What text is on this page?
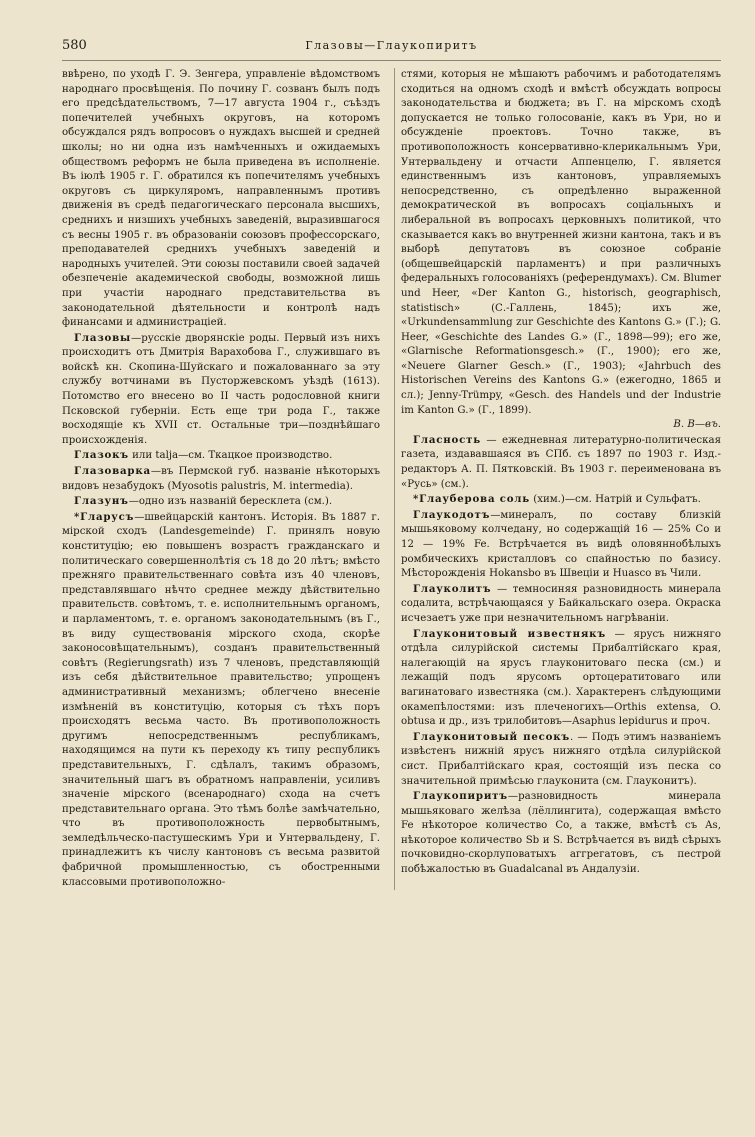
580	Глазовы—Глаукопиритъ

ввѣрено, по уходѣ Г. Э. Зенгера, управленіе вѣдомствомъ народнаго просвѣщенія. По почину Г. созванъ былъ подъ его предсѣдательствомъ, 7—17 августа 1904 г., съѣздъ попечителей учебныхъ округовъ, на которомъ обсуждался рядъ вопросовъ о нуждахъ высшей и средней школы; но ни одна изъ намѣченныхъ и ожидаемыхъ обществомъ реформъ не была приведена въ исполненіе. Въ іюлѣ 1905 г. Г. обратился къ попечителямъ учебныхъ округовъ съ циркуляромъ, направленнымъ противъ движенія въ средѣ педагогическаго персонала высшихъ, среднихъ и низшихъ учебныхъ заведеній, выразившагося съ весны 1905 г. въ образованіи союзовъ профессорскаго, преподавателей среднихъ учебныхъ заведеній и народныхъ учителей. Эти союзы поставили своей задачей обезпеченіе академической свободы, возможной лишь при участіи народнаго представительства въ законодательной дѣятельности и контролѣ надъ финансами и администраціей.

Глазовы—русскіе дворянскіе роды. Первый изъ нихъ происходитъ отъ Дмитрія Варахобова Г., служившаго въ войскѣ кн. Скопина-Шуйскаго и пожалованнаго за эту службу вотчинами въ Пусторжевскомъ уѣздѣ (1613). Потомство его внесено во II часть родословной книги Псковской губерніи. Есть еще три рода Г., также восходящіе къ XVII ст. Остальные три—позднѣйшаго происхожденія.

Глазокъ или talja—см. Ткацкое производство.

Глазоварка—въ Пермской губ. названіе нѣкоторыхъ видовъ незабудокъ (Myosotis palustris, M. intermedia).

Глазунъ—одно изъ названій бересклета (см.).

*Гларусъ—швейцарскій кантонъ. Исторія. Въ 1887 г. мірской сходъ (Landesgemeinde) Г. принялъ новую конституцію; ею повышенъ возрастъ гражданскаго и политическаго совершеннолѣтія съ 18 до 20 лѣтъ; вмѣсто прежняго правительственнаго совѣта изъ 40 членовъ, представлявшаго нѣчто среднее между дѣйствительно правительств. совѣтомъ, т. е. исполнительнымъ органомъ, и парламентомъ, т. е. органомъ законодательнымъ (въ Г., въ виду существованія мірского схода, скорѣе законосовѣщательнымъ), созданъ правительственный совѣтъ (Regierungsrath) изъ 7 членовъ, представляющій изъ себя дѣйствительное правительство; упрощенъ административный механизмъ; облегчено внесеніе измѣненій въ конституцію, которыя съ тѣхъ поръ происходятъ весьма часто. Въ противоположность другимъ непосредственнымъ республикамъ, находящимся на пути къ переходу къ типу республикъ представительныхъ, Г. сдѣлалъ, такимъ образомъ, значительный шагъ въ обратномъ направленіи, усиливъ значеніе мірского (всенароднаго) схода на счетъ представительнаго органа. Это тѣмъ болѣе замѣчательно, что въ противоположность первобытнымъ, земледѣльческо-пастушескимъ Ури и Унтервальдену, Г. принадлежитъ къ числу кантоновъ съ весьма развитой фабричной промышленностью, съ обостренными классовыми противоположно-

стями, которыя не мѣшаютъ рабочимъ и работодателямъ сходиться на одномъ сходѣ и вмѣстѣ обсуждать вопросы законодательства и бюджета; въ Г. на мірскомъ сходѣ допускается не только голосованіе, какъ въ Ури, но и обсужденіе проектовъ. Точно также, въ противоположность консервативно-клерикальнымъ Ури, Унтервальдену и отчасти Аппенцелю, Г. является единственнымъ изъ кантоновъ, управляемыхъ непосредственно, съ опредѣленно выраженной демократической въ вопросахъ соціальныхъ и либеральной въ вопросахъ церковныхъ политикой, что сказывается какъ во внутренней жизни кантона, такъ и въ выборѣ депутатовъ въ союзное собраніе (общешвейцарскій парламентъ) и при различныхъ федеральныхъ голосованіяхъ (референдумахъ). См. Blumer und Heer, «Der Kanton G., historisch, geographisch, statistisch» (С.-Галлень, 1845); ихъ же, «Urkundensammlung zur Geschichte des Kantons G.» (Г.); G. Heer, «Geschichte des Landes G.» (Г., 1898—99); его же, «Glarnische Reformationsgesch.» (Г., 1900); его же, «Neuere Glarner Gesch.» (Г., 1903); «Jahrbuch des Historischen Vereins des Kantons G.» (ежегодно, 1865 и сл.); Jenny-Trümpy, «Gesch. des Handels und der Industrie im Kanton G.» (Г., 1899).
В. В—въ.

Гласность — ежедневная литературно-политическая газета, издававшаяся въ СПб. съ 1897 по 1903 г. Изд.-редакторъ А. П. Пятковскій. Въ 1903 г. переименована въ «Русь» (см.).

*Глауберова соль (хим.)—см. Натрій и Сульфатъ.

Глаукодотъ—минералъ, по составу близкій мышьяковому колчедану, но содержащій 16 — 25% Co и 12 — 19% Fe. Встрѣчается въ видѣ оловяннобѣлыхъ ромбическихъ кристалловъ со спайностью по базису. Мѣсторожденія Hokansbo въ Швеціи и Huasco въ Чили.

Глауколитъ — темносиняя разновидность минерала содалита, встрѣчающаяся у Байкальскаго озера. Окраска исчезаетъ уже при незначительномъ нагрѣваніи.

Глауконитовый известнякъ — ярусъ нижняго отдѣла силурійской системы Прибалтійскаго края, налегающій на ярусъ глауконитоваго песка (см.) и лежащій подъ ярусомъ ортоцератитоваго или вагинатоваго известняка (см.). Характеренъ слѣдующими окамепѣлостями: изъ плеченогихъ—Orthis extensa, O. obtusa и др., изъ трилобитовъ—Asaphus lepidurus и проч.

Глауконитовый песокъ. — Подъ этимъ названіемъ извѣстенъ нижній ярусъ нижняго отдѣла силурійской сист. Прибалтійскаго края, состоящій изъ песка со значительной примѣсью глауконита (см. Глауконитъ).

Глаукопиритъ—разновидность минерала мышьяковаго желѣза (лёллингита), содержащая вмѣсто Fe нѣкоторое количество Co, а также, вмѣстѣ съ As, нѣкоторое количество Sb и S. Встрѣчается въ видѣ сѣрыхъ почковидно-скорлуповатыхъ аггрегатовъ, съ пестрой побѣжалостью въ Guadalcanal въ Андалузіи.
